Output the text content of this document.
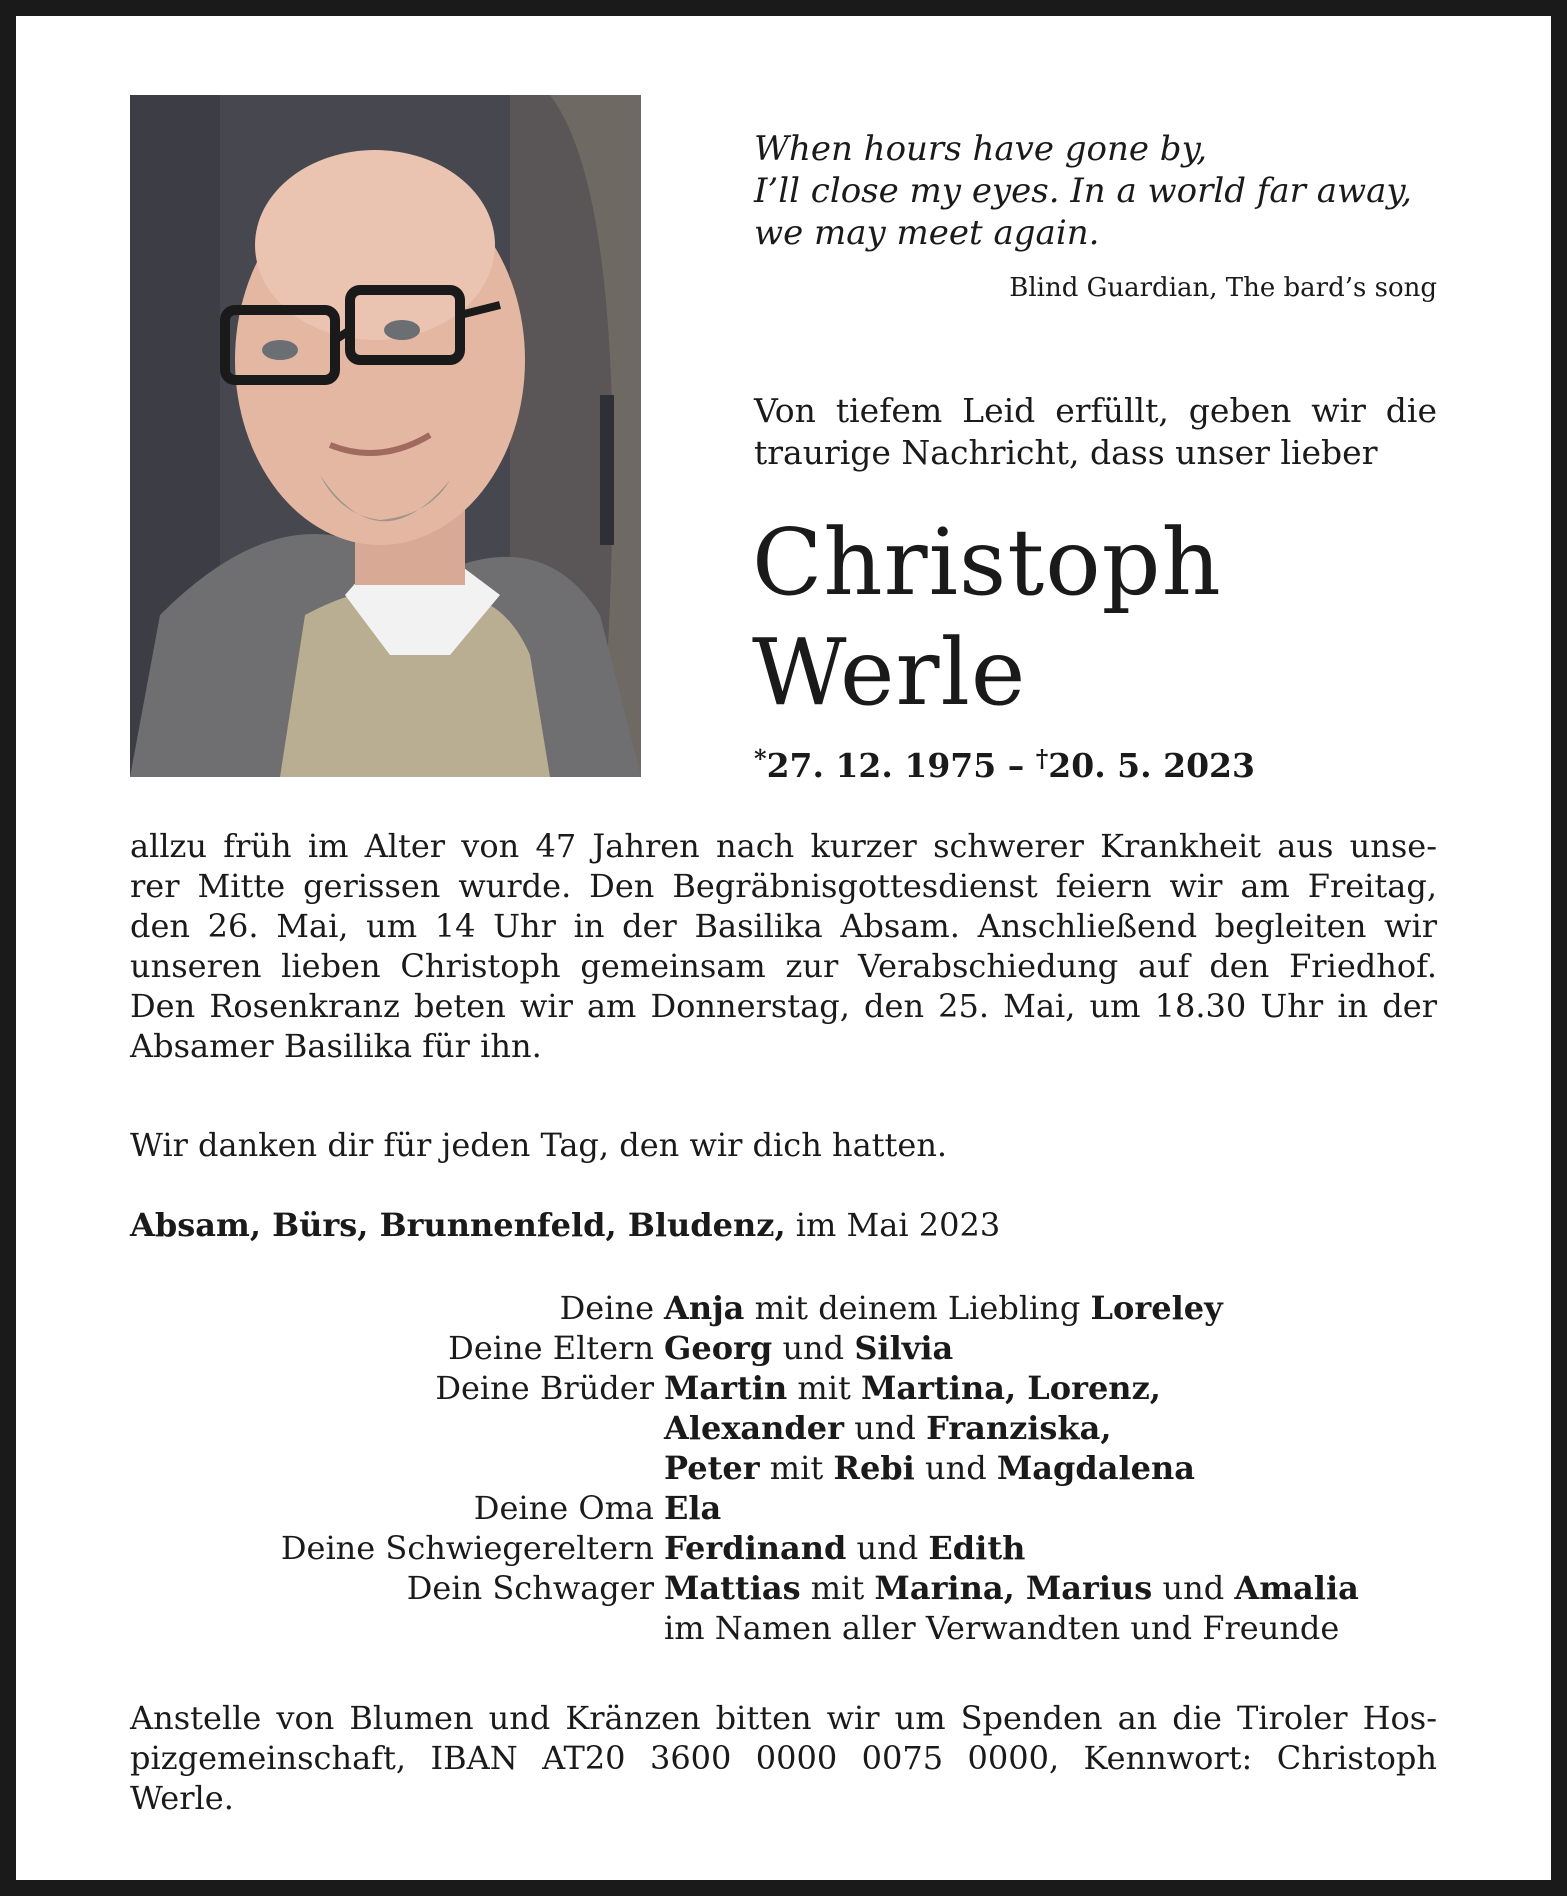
When hours have gone by,
I’ll close my eyes. In a world far away,
we may meet again.
Blind Guardian, The bard’s song
Von tiefem Leid erfüllt, geben wir die
traurige Nachricht, dass unser lieber
Christoph
Werle
*27. 12. 1975 – †20. 5. 2023
allzu früh im Alter von 47 Jahren nach kurzer schwerer Krankheit aus unse-
rer Mitte gerissen wurde. Den Begräbnisgottesdienst feiern wir am Freitag,
den 26. Mai, um 14 Uhr in der Basilika Absam. Anschließend begleiten wir
unseren lieben Christoph gemeinsam zur Verabschiedung auf den Friedhof.
Den Rosenkranz beten wir am Donnerstag, den 25. Mai, um 18.30 Uhr in der
Absamer Basilika für ihn.
Wir danken dir für jeden Tag, den wir dich hatten.
Absam, Bürs, Brunnenfeld, Bludenz, im Mai 2023
Deine Anja mit deinem Liebling Loreley
Deine Eltern Georg und Silvia
Deine Brüder Martin mit Martina, Lorenz,
Alexander und Franziska,
Peter mit Rebi und Magdalena
Deine Oma Ela
Deine Schwiegereltern Ferdinand und Edith
Dein Schwager Mattias mit Marina, Marius und Amalia
im Namen aller Verwandten und Freunde
Anstelle von Blumen und Kränzen bitten wir um Spenden an die Tiroler Hos-
pizgemeinschaft, IBAN AT20 3600 0000 0075 0000, Kennwort: Christoph
Werle.
